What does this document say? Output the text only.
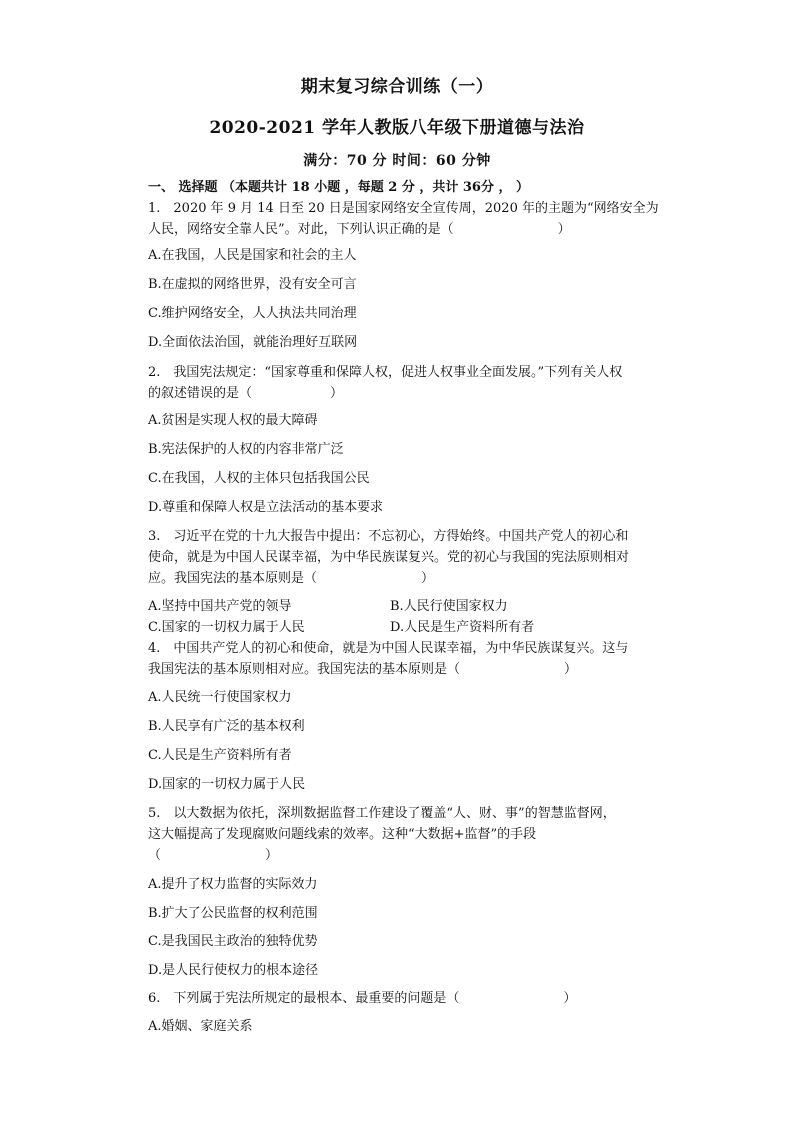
期末复习综合训练（一）
2020-2021 学年人教版八年级下册道德与法治
满分：70 分 时间：60 分钟
一、 选择题 （本题共计 18 小题 ，每题 2 分 ，共计 36分 ， ）
1.　2020 年 9 月 14 日至 20 日是国家网络安全宣传周，2020 年的主题为“网络安全为
人民，网络安全靠人民”。对此，下列认识正确的是（　　　　　　　　）
A.在我国，人民是国家和社会的主人
B.在虚拟的网络世界，没有安全可言
C.维护网络安全，人人执法共同治理
D.全面依法治国，就能治理好互联网
2.　我国宪法规定：“国家尊重和保障人权，促进人权事业全面发展。”下列有关人权
的叙述错误的是（　　　　　　）
A.贫困是实现人权的最大障碍
B.宪法保护的人权的内容非常广泛
C.在我国，人权的主体只包括我国公民
D.尊重和保障人权是立法活动的基本要求
3.　习近平在党的十九大报告中提出：不忘初心，方得始终。中国共产党人的初心和
使命，就是为中国人民谋幸福，为中华民族谋复兴。党的初心与我国的宪法原则相对
应。我国宪法的基本原则是（　　　　　　　　）
A.坚持中国共产党的领导	B.人民行使国家权力
C.国家的一切权力属于人民	D.人民是生产资料所有者
4.　中国共产党人的初心和使命，就是为中国人民谋幸福，为中华民族谋复兴。这与
我国宪法的基本原则相对应。我国宪法的基本原则是（　　　　　　　　）
A.人民统一行使国家权力
B.人民享有广泛的基本权利
C.人民是生产资料所有者
D.国家的一切权力属于人民
5.　以大数据为依托，深圳数据监督工作建设了覆盖“人、财、事”的智慧监督网，
这大幅提高了发现腐败问题线索的效率。这种“大数据+监督”的手段
（　　　　　　　　）
A.提升了权力监督的实际效力
B.扩大了公民监督的权利范围
C.是我国民主政治的独特优势
D.是人民行使权力的根本途径
6.　下列属于宪法所规定的最根本、最重要的问题是（　　　　　　　　）
A.婚姻、家庭关系
